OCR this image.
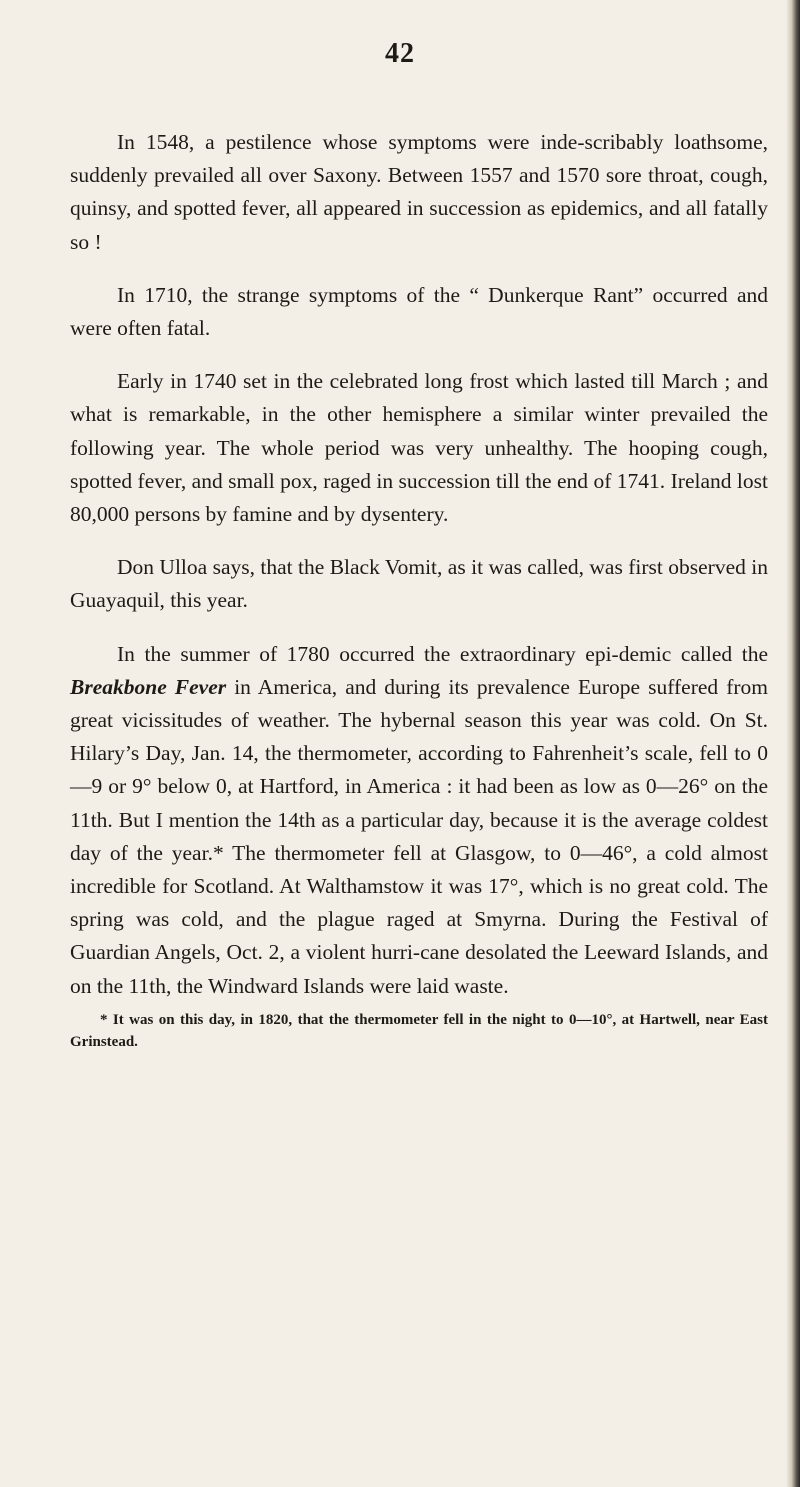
42

In 1548, a pestilence whose symptoms were inde-scribably loathsome, suddenly prevailed all over Saxony. Between 1557 and 1570 sore throat, cough, quinsy, and spotted fever, all appeared in succession as epidemics, and all fatally so !

In 1710, the strange symptoms of the “ Dunkerque Rant” occurred and were often fatal.

Early in 1740 set in the celebrated long frost which lasted till March ; and what is remarkable, in the other hemisphere a similar winter prevailed the following year. The whole period was very unhealthy. The hooping cough, spotted fever, and small pox, raged in succession till the end of 1741. Ireland lost 80,000 persons by famine and by dysentery.

Don Ulloa says, that the Black Vomit, as it was called, was first observed in Guayaquil, this year.

In the summer of 1780 occurred the extraordinary epi-demic called the Breakbone Fever in America, and during its prevalence Europe suffered from great vicissitudes of weather. The hybernal season this year was cold. On St. Hilary’s Day, Jan. 14, the thermometer, according to Fahrenheit’s scale, fell to 0—9 or 9° below 0, at Hartford, in America : it had been as low as 0—26° on the 11th. But I mention the 14th as a particular day, because it is the average coldest day of the year.* The thermometer fell at Glasgow, to 0—46°, a cold almost incredible for Scotland. At Walthamstow it was 17°, which is no great cold. The spring was cold, and the plague raged at Smyrna. During the Festival of Guardian Angels, Oct. 2, a violent hurri-cane desolated the Leeward Islands, and on the 11th, the Windward Islands were laid waste.

* It was on this day, in 1820, that the thermometer fell in the night to 0—10°, at Hartwell, near East Grinstead.
